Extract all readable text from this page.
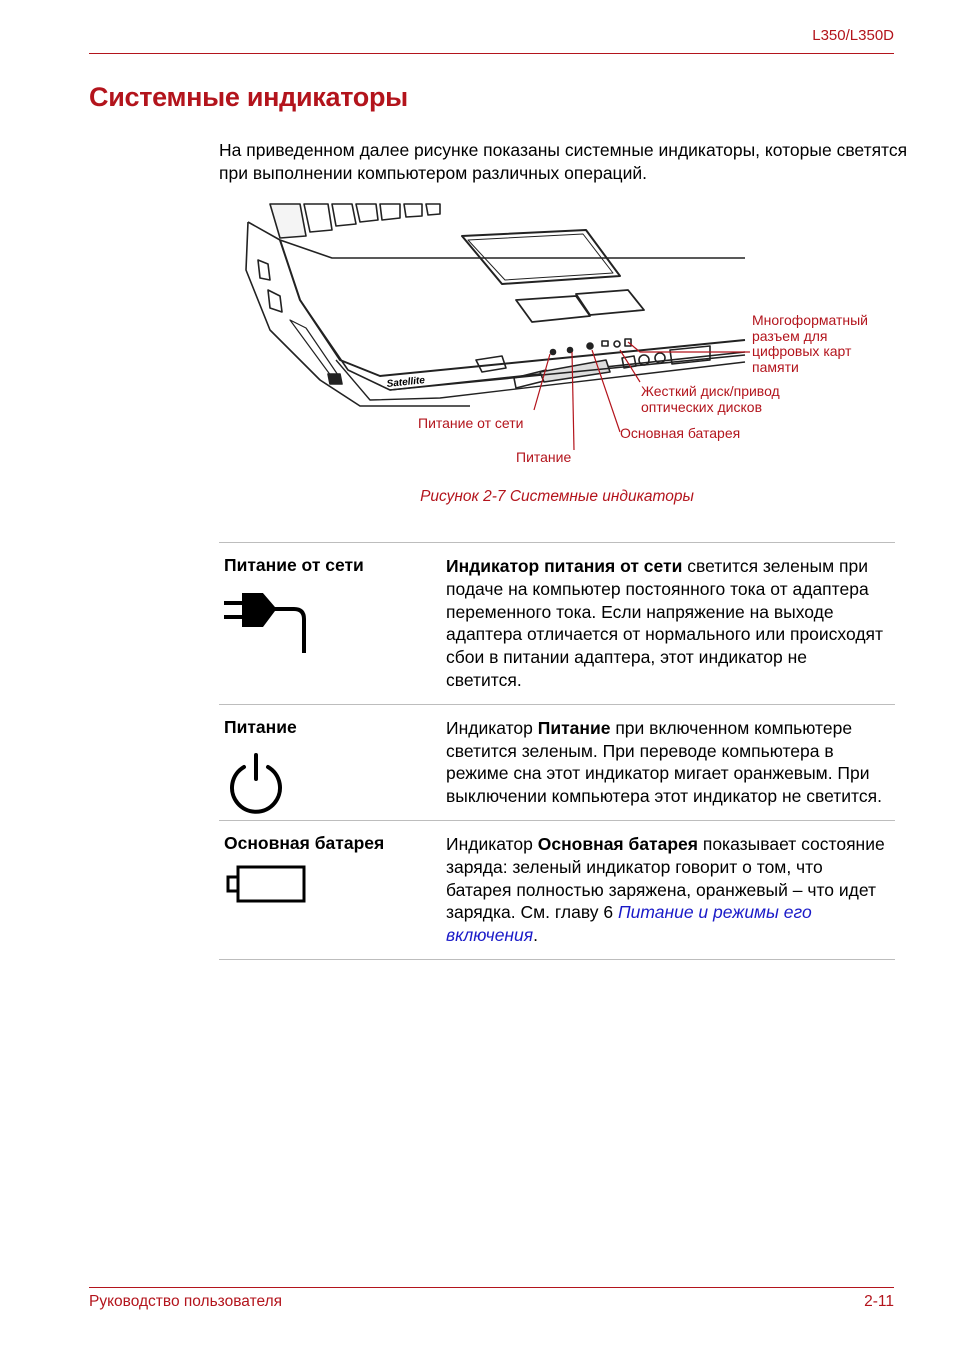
L350/L350D
Системные индикаторы

На приведенном далее рисунке показаны системные индикаторы, которые светятся при выполнении компьютером различных операций.

Satellite
Многоформатный
разъем для
цифровых карт
памяти
Жесткий диск/привод
оптических дисков
Питание от сети
Основная батарея
Питание
Рисунок 2-7 Системные индикаторы
Питание от сети	Индикатор питания от сети светится зеленым при подаче на компьютер постоянного тока от адаптера переменного тока. Если напряжение на выходе адаптера отличается от нормального или происходят сбои в питании адаптера, этот индикатор не светится.
Питание	Индикатор Питание при включенном компьютере светится зеленым. При переводе компьютера в режиме сна этот индикатор мигает оранжевым. При выключении компьютера этот индикатор не светится.
Основная батарея	Индикатор Основная батарея показывает состояние заряда: зеленый индикатор говорит о том, что батарея полностью заряжена, оранжевый – что идет зарядка. См. главу 6 Питание и режимы его включения.
Руководство пользователя	2-11
